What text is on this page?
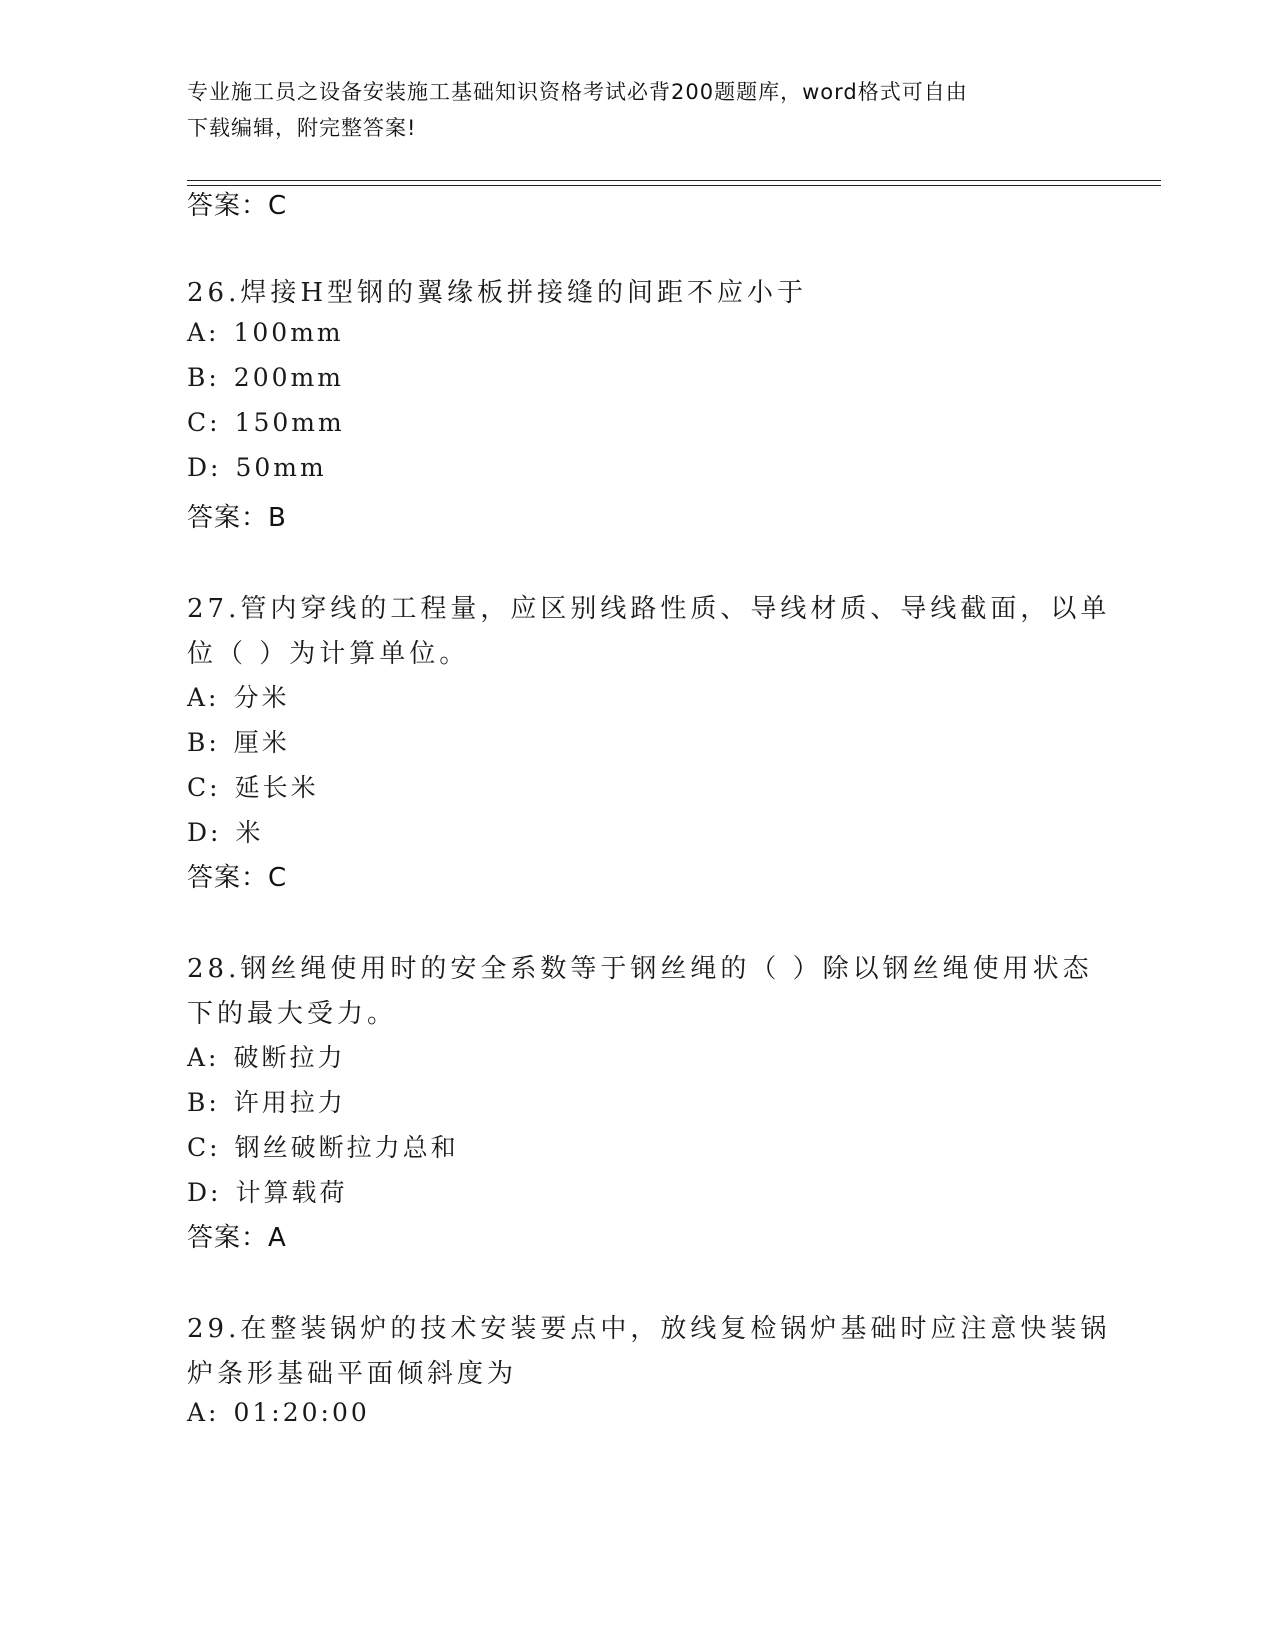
专业施工员之设备安装施工基础知识资格考试必背200题题库，word格式可自由
下载编辑，附完整答案!
答案：C
26.焊接H型钢的翼缘板拼接缝的间距不应小于
A: 100mm
B: 200mm
C: 150mm
D: 50mm
答案：B
27.管内穿线的工程量，应区别线路性质、导线材质、导线截面，以单
位（ ）为计算单位。
A: 分米
B: 厘米
C: 延长米
D: 米
答案：C
28.钢丝绳使用时的安全系数等于钢丝绳的（ ）除以钢丝绳使用状态
下的最大受力。
A: 破断拉力
B: 许用拉力
C: 钢丝破断拉力总和
D: 计算载荷
答案：A
29.在整装锅炉的技术安装要点中，放线复检锅炉基础时应注意快装锅
炉条形基础平面倾斜度为
A: 01:20:00
